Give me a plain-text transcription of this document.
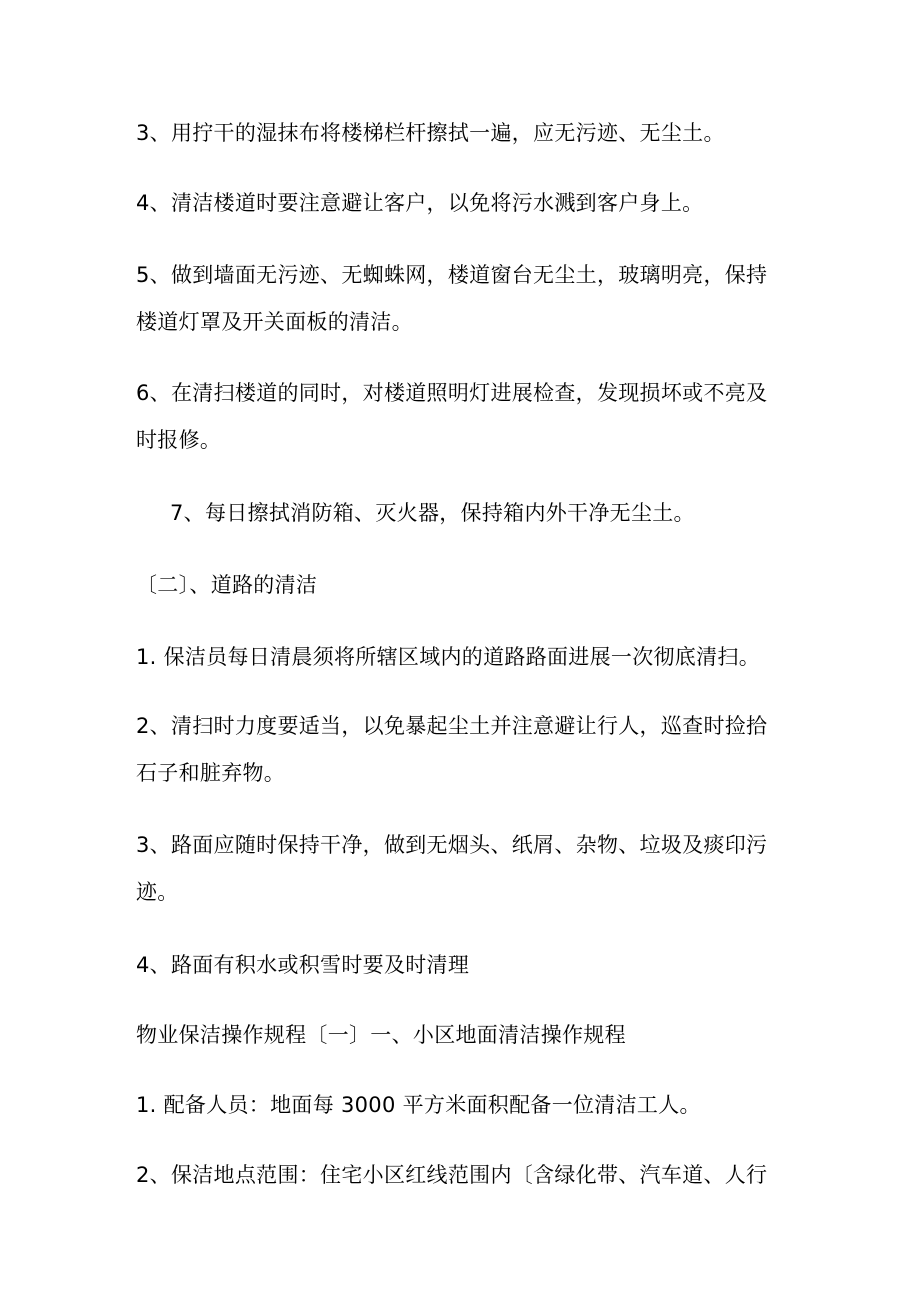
3、用拧干的湿抹布将楼梯栏杆擦拭一遍，应无污迹、无尘土。

4、清洁楼道时要注意避让客户，以免将污水溅到客户身上。

5、做到墙面无污迹、无蜘蛛网，楼道窗台无尘土，玻璃明亮，保持楼道灯罩及开关面板的清洁。

6、在清扫楼道的同时，对楼道照明灯进展检查，发现损坏或不亮及时报修。

7、每日擦拭消防箱、灭火器，保持箱内外干净无尘土。

〔二〕、道路的清洁

1. 保洁员每日清晨须将所辖区域内的道路路面进展一次彻底清扫。

2、清扫时力度要适当，以免暴起尘土并注意避让行人，巡查时捡拾石子和脏弃物。

3、路面应随时保持干净，做到无烟头、纸屑、杂物、垃圾及痰印污迹。

4、路面有积水或积雪时要及时清理

物业保洁操作规程〔一〕一、小区地面清洁操作规程

1. 配备人员：地面每 3000 平方米面积配备一位清洁工人。

2、保洁地点范围：住宅小区红线范围内〔含绿化带、汽车道、人行
